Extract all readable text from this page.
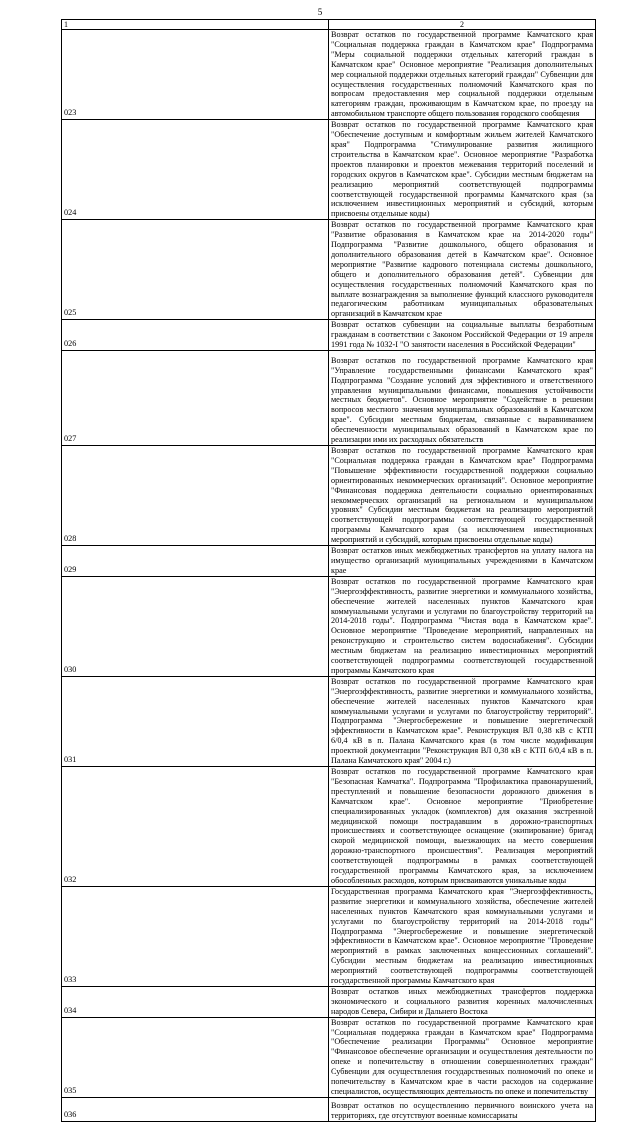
5
1	2
023	Возврат остатков по государственной программе Камчатского края "Социальная поддержка граждан в Камчатском крае" Подпрограмма "Меры социальной поддержки отдельных категорий граждан в Камчатском крае" Основное мероприятие "Реализация дополнительных мер социальной поддержки отдельных категорий граждан" Субвенции для осуществления государственных полномочий Камчатского края по вопросам предоставления мер социальной поддержки отдельным категориям граждан, проживающим в Камчатском крае, по проезду на автомобильном транспорте общего пользования городского сообщения
024	Возврат остатков по государственной программе Камчатского края "Обеспечение доступным и комфортным жильем жителей Камчатского края" Подпрограмма "Стимулирование развития жилищного строительства в Камчатском крае". Основное мероприятие "Разработка проектов планировки и проектов межевания территорий поселений и городских округов в Камчатском крае". Субсидии местным бюджетам на реализацию мероприятий соответствующей подпрограммы соответствующей государственной программы Камчатского края (за исключением инвестиционных мероприятий и субсидий, которым присвоены отдельные коды)
025	Возврат остатков по государственной программе Камчатского края "Развитие образования в Камчатском крае на 2014-2020 годы" Подпрограмма "Развитие дошкольного, общего образования и дополнительного образования детей в Камчатском крае". Основное мероприятие "Развитие кадрового потенциала системы дошкольного, общего и дополнительного образования детей". Субвенции для осуществления государственных полномочий Камчатского края по выплате вознаграждения за выполнение функций классного руководителя педагогическим работникам муниципальных образовательных организаций в Камчатском крае
026	Возврат остатков субвенции на социальные выплаты безработным гражданам в соответствии с Законом Российской Федерации от 19 апреля 1991 года № 1032-I "О занятости населения в Российской Федерации"
027	Возврат остатков по государственной программе Камчатского края "Управление государственными финансами Камчатского края" Подпрограмма "Создание условий для эффективного и ответственного управления муниципальными финансами, повышения устойчивости местных бюджетов". Основное мероприятие "Содействие в решении вопросов местного значения муниципальных образований в Камчатском крае". Субсидии местным бюджетам, связанные с выравниванием обеспеченности муниципальных образований в Камчатском крае по реализации ими их расходных обязательств
028	Возврат остатков по государственной программе Камчатского края "Социальная поддержка граждан в Камчатском крае" Подпрограмма "Повышение эффективности государственной поддержки социально ориентированных некоммерческих организаций". Основное мероприятие "Финансовая поддержка деятельности социально ориентированных некоммерческих организаций на региональном и муниципальном уровнях" Субсидии местным бюджетам на реализацию мероприятий соответствующей подпрограммы соответствующей государственной программы Камчатского края (за исключением инвестиционных мероприятий и субсидий, которым присвоены отдельные коды)
029	Возврат остатков иных межбюджетных трансфертов на уплату налога на имущество организаций муниципальных учреждениями в Камчатском крае
030	Возврат остатков по государственной программе Камчатского края "Энергоэффективность, развитие энергетики и коммунального хозяйства, обеспечение жителей населенных пунктов Камчатского края коммунальными услугами и услугами по благоустройству территорий на 2014-2018 годы". Подпрограмма "Чистая вода в Камчатском крае". Основное мероприятие "Проведение мероприятий, направленных на реконструкцию и строительство систем водоснабжения". Субсидии местным бюджетам на реализацию инвестиционных мероприятий соответствующей подпрограммы соответствующей государственной программы Камчатского края
031	Возврат остатков по государственной программе Камчатского края "Энергоэффективность, развитие энергетики и коммунального хозяйства, обеспечение жителей населенных пунктов Камчатского края коммунальными услугами и услугами по благоустройству территорий". Подпрограмма "Энергосбережение и повышение энергетической эффективности в Камчатском крае". Реконструкция ВЛ 0,38 кВ с КТП 6/0,4 кВ в п. Палана Камчатского края (в том числе модификация проектной документации "Реконструкция ВЛ 0,38 кВ с КТП 6/0,4 кВ в п. Палана Камчатского края" 2004 г.)
032	Возврат остатков по государственной программе Камчатского края "Безопасная Камчатка". Подпрограмма "Профилактика правонарушений, преступлений и повышение безопасности дорожного движения в Камчатском крае". Основное мероприятие "Приобретение специализированных укладок (комплектов) для оказания экстренной медицинской помощи пострадавшим в дорожно-транспортных происшествиях и соответствующее оснащение (экипирование) бригад скорой медицинской помощи, выезжающих на место совершения дорожно-транспортного происшествия". Реализация мероприятий соответствующей подпрограммы в рамках соответствующей государственной программы Камчатского края, за исключением обособленных расходов, которым присваиваются уникальные коды
033	Государственная программа Камчатского края "Энергоэффективность, развитие энергетики и коммунального хозяйства, обеспечение жителей населенных пунктов Камчатского края коммунальными услугами и услугами по благоустройству территорий на 2014-2018 годы" Подпрограмма "Энергосбережение и повышение энергетической эффективности в Камчатском крае". Основное мероприятие "Проведение мероприятий в рамках заключенных концессионных соглашений". Субсидии местным бюджетам на реализацию инвестиционных мероприятий соответствующей подпрограммы соответствующей государственной программы Камчатского края
034	Возврат остатков иных межбюджетных трансфертов поддержка экономического и социального развития коренных малочисленных народов Севера, Сибири и Дальнего Востока
035	Возврат остатков по государственной программе Камчатского края "Социальная поддержка граждан в Камчатском крае" Подпрограмма "Обеспечение реализации Программы" Основное мероприятие "Финансовое обеспечение организации и осуществления деятельности по опеке и попечительству в отношении совершеннолетних граждан" Субвенции для осуществления государственных полномочий по опеке и попечительству в Камчатском крае в части расходов на содержание специалистов, осуществляющих деятельность по опеке и попечительству
036	Возврат остатков по осуществлению первичного воинского учета на территориях, где отсутствуют военные комиссариаты
